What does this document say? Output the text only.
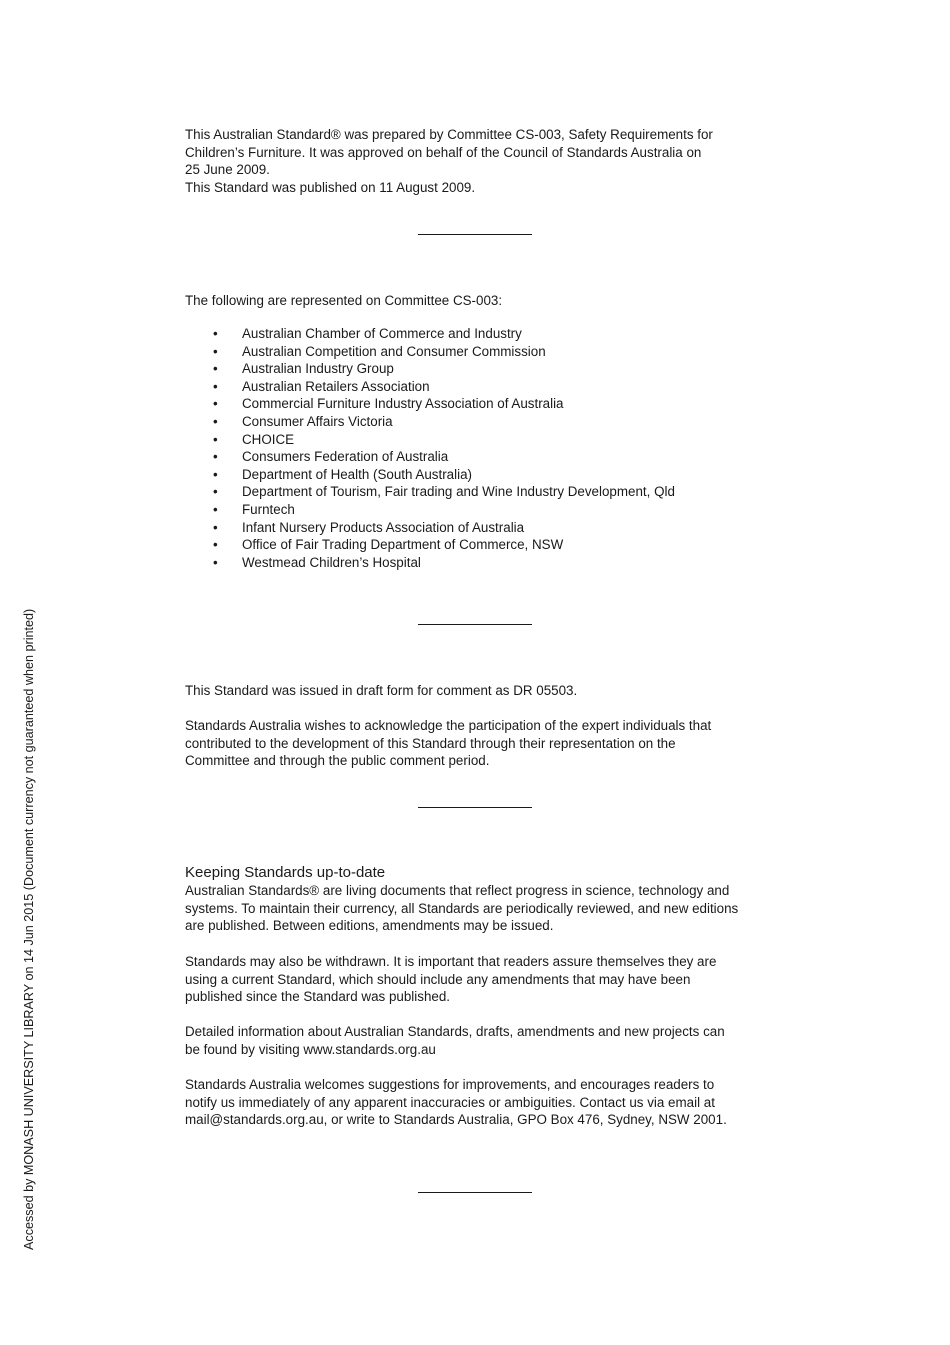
This Australian Standard® was prepared by Committee CS-003, Safety Requirements for
Children’s Furniture. It was approved on behalf of the Council of Standards Australia on
25 June 2009.
This Standard was published on 11 August 2009.

The following are represented on Committee CS-003:

• Australian Chamber of Commerce and Industry
• Australian Competition and Consumer Commission
• Australian Industry Group
• Australian Retailers Association
• Commercial Furniture Industry Association of Australia
• Consumer Affairs Victoria
• CHOICE
• Consumers Federation of Australia
• Department of Health (South Australia)
• Department of Tourism, Fair trading and Wine Industry Development, Qld
• Furntech
• Infant Nursery Products Association of Australia
• Office of Fair Trading Department of Commerce, NSW
• Westmead Children’s Hospital

This Standard was issued in draft form for comment as DR 05503.

Standards Australia wishes to acknowledge the participation of the expert individuals that
contributed to the development of this Standard through their representation on the
Committee and through the public comment period.
Keeping Standards up-to-date
Australian Standards® are living documents that reflect progress in science, technology and
systems. To maintain their currency, all Standards are periodically reviewed, and new editions
are published. Between editions, amendments may be issued.
Standards may also be withdrawn. It is important that readers assure themselves they are
using a current Standard, which should include any amendments that may have been
published since the Standard was published.
Detailed information about Australian Standards, drafts, amendments and new projects can
be found by visiting www.standards.org.au
Standards Australia welcomes suggestions for improvements, and encourages readers to
notify us immediately of any apparent inaccuracies or ambiguities. Contact us via email at
mail@standards.org.au, or write to Standards Australia, GPO Box 476, Sydney, NSW 2001.
Accessed by MONASH UNIVERSITY LIBRARY on 14 Jun 2015 (Document currency not guaranteed when printed)
